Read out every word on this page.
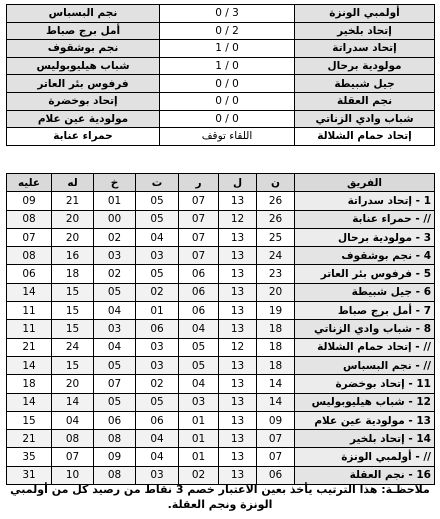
أولمبي الونزة	3 / 0	نجم البسباس
إتحاد بلخير	2 / 0	أمل برج صباط
إتحاد سدراتة	0 / 1	نجم بوشقوف
مولودية برحال	0 / 1	شباب هيليوبوليس
جيل شبيطة	0 / 0	فرفوس بئر العاتر
نجم العقلة	0 / 0	إتحاد بوخضرة
شباب وادي الزناتي	0 / 0	مولودية عين علام
إتحاد حمام الشلالة	اللقاء توقف	حمراء عنابة
الفريق	ن	ل	ر	ت	خ	له	عليه
1 - إتحاد سدراتة	26	13	07	05	01	21	09
// - حمراء عنابة	26	12	07	05	00	20	08
3 - مولودية برحال	25	13	07	04	02	20	07
4 - نجم بوشقوف	24	13	07	03	03	16	08
5 - فرفوس بئر العاتر	23	13	06	05	02	18	06
6 - جيل شبيطة	20	13	06	02	05	15	14
7 - أمل برج صباط	19	13	06	01	04	15	11
8 - شباب وادي الزناتي	18	13	04	06	03	15	11
// - إتحاد حمام الشلالة	18	12	05	03	04	24	21
// - نجم البسباس	18	13	05	03	05	15	14
11 - إتحاد بوخضرة	14	13	04	02	07	20	18
12 - شباب هيليوبوليس	14	13	03	05	05	14	14
13 - مولودية عين علام	09	13	01	06	06	04	15
14 - إتحاد بلخير	07	13	01	04	08	08	21
// - أولمبي الونزة	07	13	01	04	09	07	35
16 - نجم العقلة	06	13	02	03	08	10	31
ملاحظـة: هذا الترتيب يأخذ بعين الاعتبار خصم 3 نقاط من رصيد كل من أولمبي الونزة ونجم العقلة.
